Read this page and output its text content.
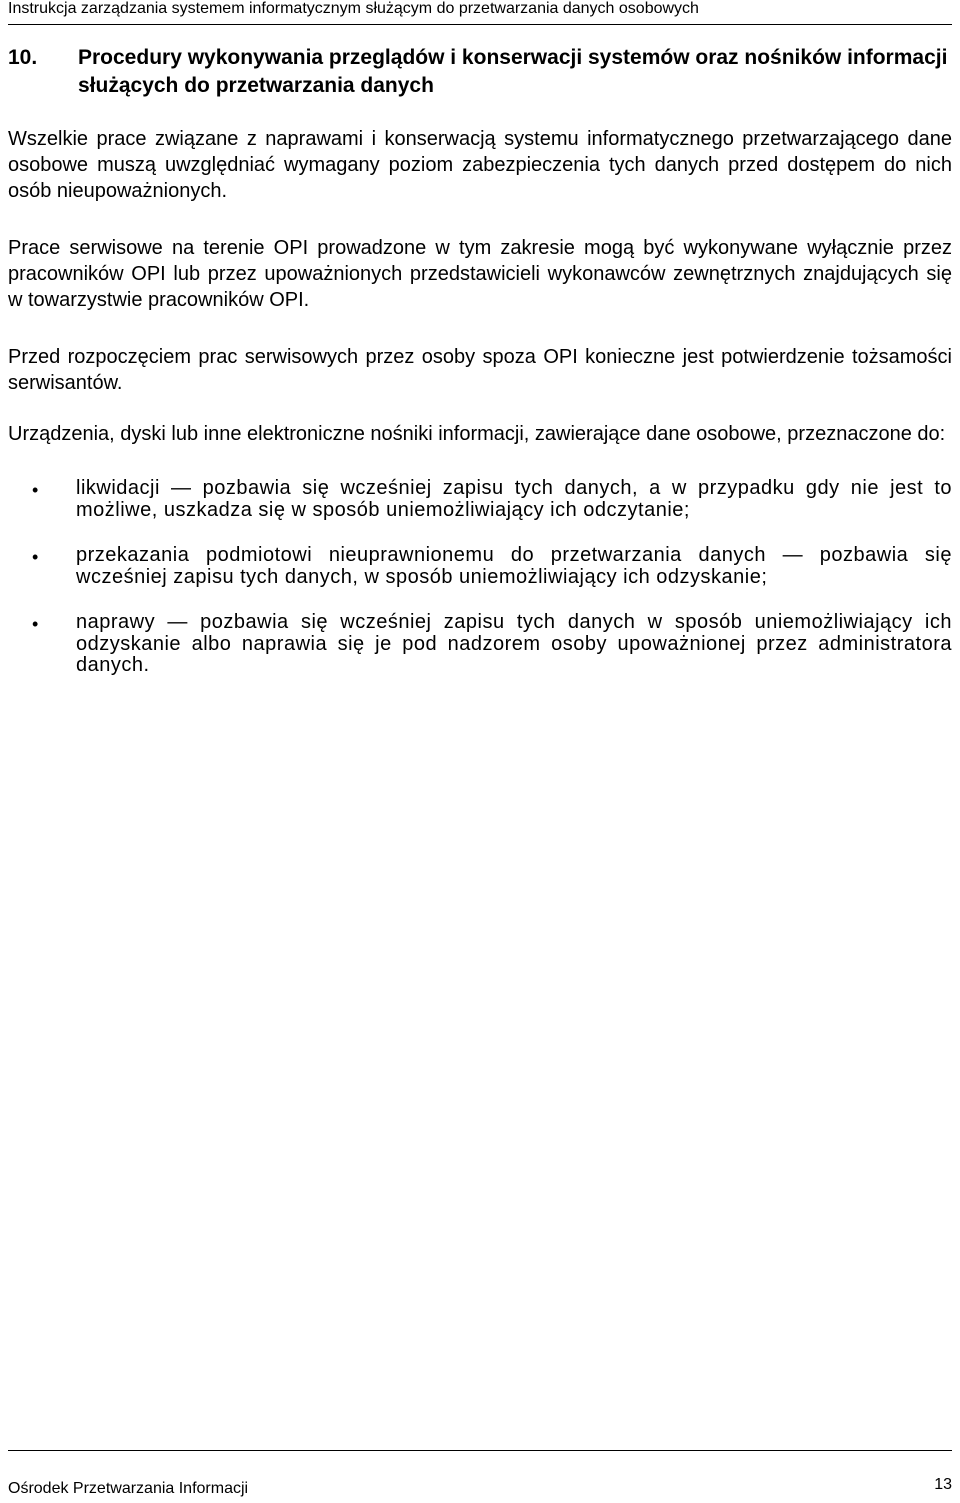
Instrukcja zarządzania systemem informatycznym służącym do przetwarzania danych osobowych
10. Procedury wykonywania przeglądów i konserwacji systemów oraz nośników informacji służących do przetwarzania danych

Wszelkie prace związane z naprawami i konserwacją systemu informatycznego przetwarzającego dane osobowe muszą uwzględniać wymagany poziom zabezpieczenia tych danych przed dostępem do nich osób nieupoważnionych.

Prace serwisowe na terenie OPI prowadzone w tym zakresie mogą być wykonywane wyłącznie przez pracowników OPI lub przez upoważnionych przedstawicieli wykonawców zewnętrznych znajdujących się w towarzystwie pracowników OPI.

Przed rozpoczęciem prac serwisowych przez osoby spoza OPI konieczne jest potwierdzenie tożsamości serwisantów.

Urządzenia, dyski lub inne elektroniczne nośniki informacji, zawierające dane osobowe, przeznaczone do:

• likwidacji — pozbawia się wcześniej zapisu tych danych, a w przypadku gdy nie jest to możliwe, uszkadza się w sposób uniemożliwiający ich odczytanie;
• przekazania podmiotowi nieuprawnionemu do przetwarzania danych — pozbawia się wcześniej zapisu tych danych, w sposób uniemożliwiający ich odzyskanie;
• naprawy — pozbawia się wcześniej zapisu tych danych w sposób uniemożliwiający ich odzyskanie albo naprawia się je pod nadzorem osoby upoważnionej przez administratora danych.
Ośrodek Przetwarzania Informacji	13
